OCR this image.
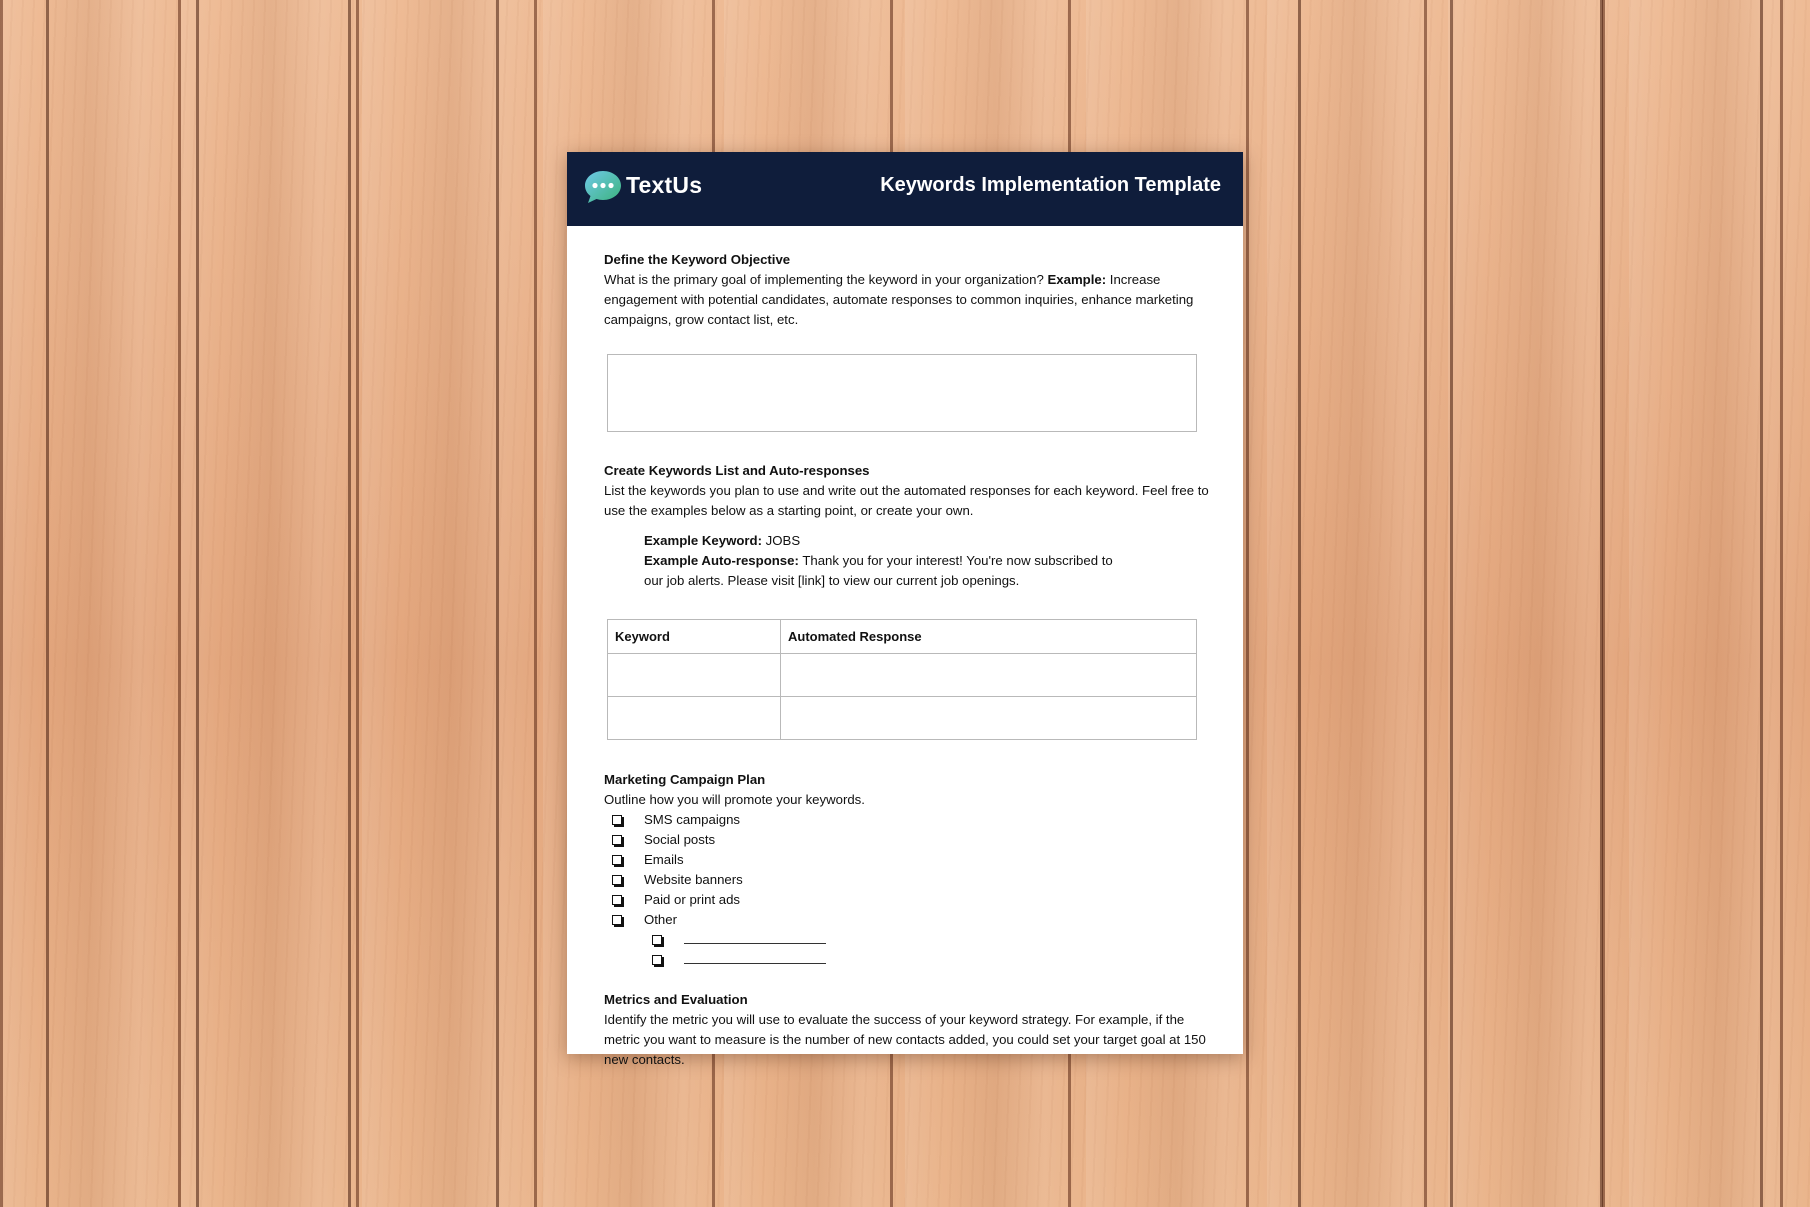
TextUs	Keywords Implementation Template
Define the Keyword Objective

What is the primary goal of implementing the keyword in your organization? Example: Increase engagement with potential candidates, automate responses to common inquiries, enhance marketing campaigns, grow contact list, etc.

Create Keywords List and Auto-responses

List the keywords you plan to use and write out the automated responses for each keyword. Feel free to use the examples below as a starting point, or create your own.

Example Keyword: JOBS
Example Auto-response: Thank you for your interest! You're now subscribed to our job alerts. Please visit [link] to view our current job openings.
Keyword	Automated Response

Marketing Campaign Plan

Outline how you will promote your keywords.

SMS campaigns
Social posts
Emails
Website banners
Paid or print ads
Other
Metrics and Evaluation

Identify the metric you will use to evaluate the success of your keyword strategy. For example, if the metric you want to measure is the number of new contacts added, you could set your target goal at 150 new contacts.
